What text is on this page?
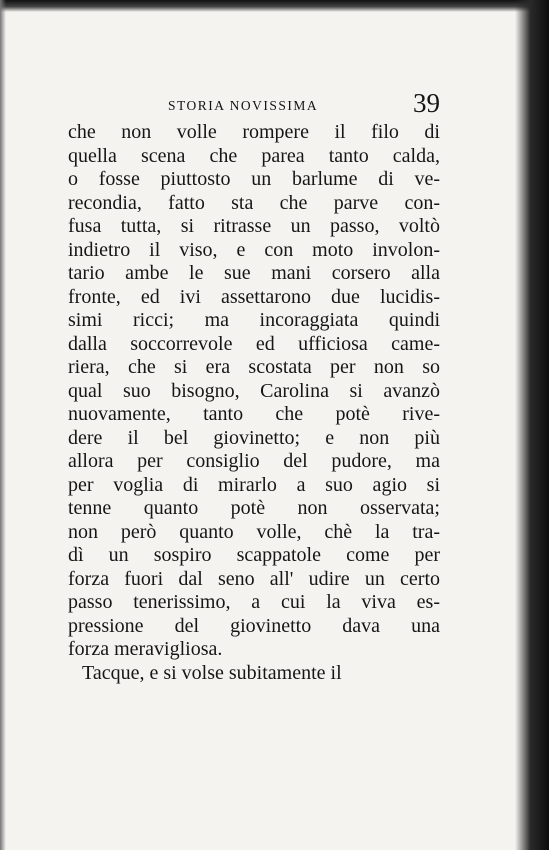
STORIA NOVISSIMA	39
che non volle rompere il filo di
quella scena che parea tanto calda,
o fosse piuttosto un barlume di ve-
recondia, fatto sta che parve con-
fusa tutta, si ritrasse un passo, voltò
indietro il viso, e con moto involon-
tario ambe le sue mani corsero alla
fronte, ed ivi assettarono due lucidis-
simi ricci; ma incoraggiata quindi
dalla soccorrevole ed ufficiosa came-
riera, che si era scostata per non so
qual suo bisogno, Carolina si avanzò
nuovamente, tanto che potè rive-
dere il bel giovinetto; e non più
allora per consiglio del pudore, ma
per voglia di mirarlo a suo agio si
tenne quanto potè non osservata;
non però quanto volle, chè la tra-
dì un sospiro scappatole come per
forza fuori dal seno all' udire un certo
passo tenerissimo, a cui la viva es-
pressione del giovinetto dava una
forza meravigliosa.
Tacque, e si volse subitamente il
